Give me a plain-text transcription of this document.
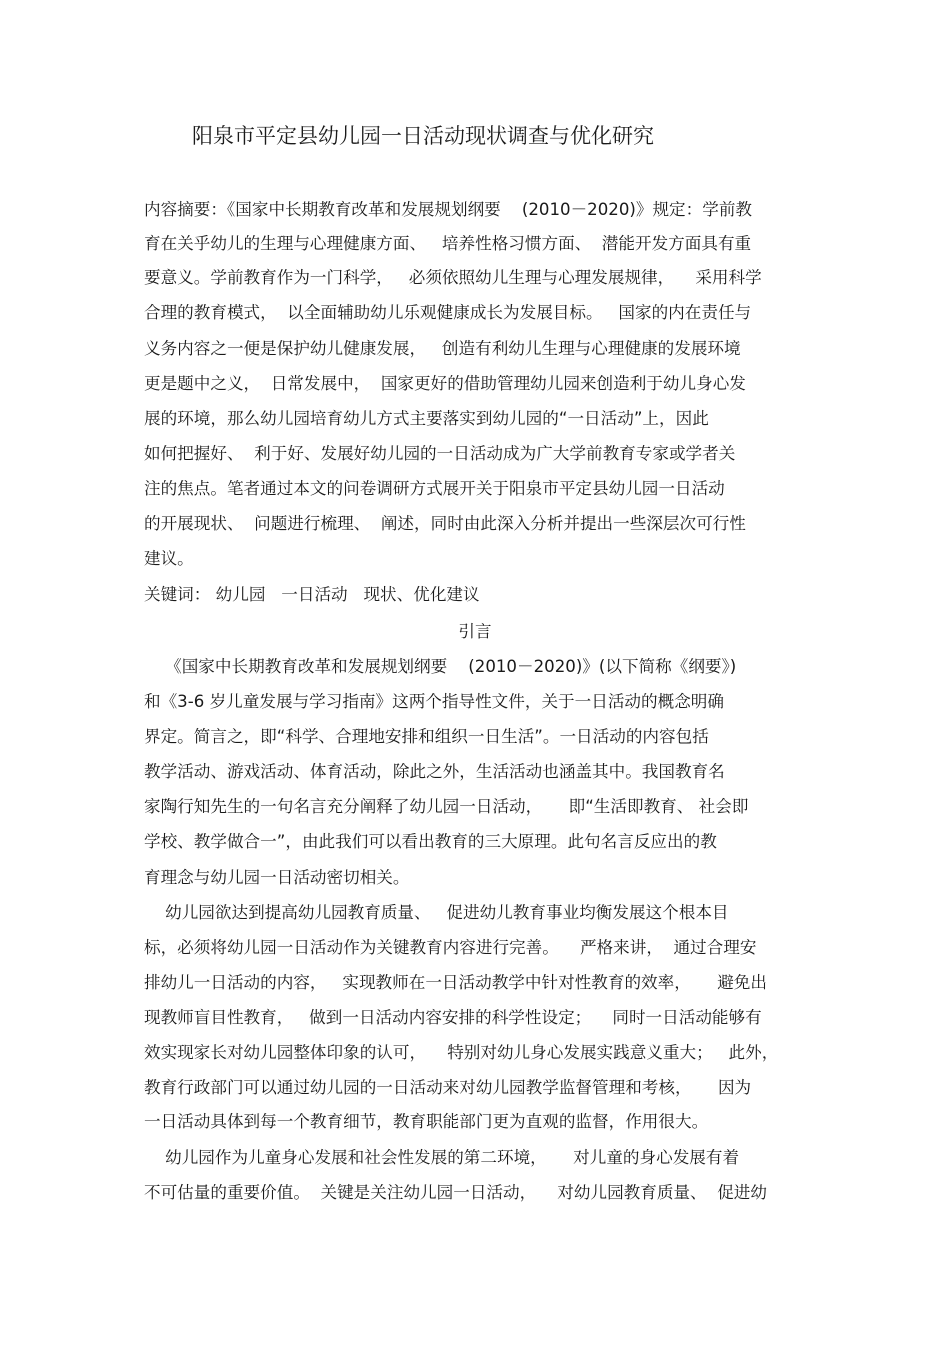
阳泉市平定县幼儿园一日活动现状调查与优化研究
内容摘要：《国家中长期教育改革和发展规划纲要    (2010－2020)》规定：学前教
育在关乎幼儿的生理与心理健康方面、   培养性格习惯方面、  潜能开发方面具有重
要意义。学前教育作为一门科学，   必须依照幼儿生理与心理发展规律，    采用科学
合理的教育模式，  以全面辅助幼儿乐观健康成长为发展目标。   国家的内在责任与
义务内容之一便是保护幼儿健康发展，   创造有利幼儿生理与心理健康的发展环境
更是题中之义，  日常发展中，  国家更好的借助管理幼儿园来创造利于幼儿身心发
展的环境，那么幼儿园培育幼儿方式主要落实到幼儿园的“一日活动”上，因此
如何把握好、  利于好、发展好幼儿园的一日活动成为广大学前教育专家或学者关
注的焦点。笔者通过本文的问卷调研方式展开关于阳泉市平定县幼儿园一日活动
的开展现状、  问题进行梳理、  阐述，同时由此深入分析并提出一些深层次可行性
建议。
关键词： 幼儿园   一日活动   现状、优化建议
引言
《国家中长期教育改革和发展规划纲要    (2010－2020)》(以下简称《纲要》)
和《3-6 岁儿童发展与学习指南》这两个指导性文件，关于一日活动的概念明确
界定。简言之，即“科学、合理地安排和组织一日生活”。一日活动的内容包括
教学活动、游戏活动、体育活动，除此之外，生活活动也涵盖其中。我国教育名
家陶行知先生的一句名言充分阐释了幼儿园一日活动，     即“生活即教育、 社会即
学校、教学做合一”，由此我们可以看出教育的三大原理。此句名言反应出的教
育理念与幼儿园一日活动密切相关。
幼儿园欲达到提高幼儿园教育质量、   促进幼儿教育事业均衡发展这个根本目
标，必须将幼儿园一日活动作为关键教育内容进行完善。    严格来讲，  通过合理安
排幼儿一日活动的内容，   实现教师在一日活动教学中针对性教育的效率，     避免出
现教师盲目性教育，   做到一日活动内容安排的科学性设定；    同时一日活动能够有
效实现家长对幼儿园整体印象的认可，    特别对幼儿身心发展实践意义重大；   此外，
教育行政部门可以通过幼儿园的一日活动来对幼儿园教学监督管理和考核，     因为
一日活动具体到每一个教育细节，教育职能部门更为直观的监督，作用很大。
幼儿园作为儿童身心发展和社会性发展的第二环境，     对儿童的身心发展有着
不可估量的重要价值。  关键是关注幼儿园一日活动，    对幼儿园教育质量、  促进幼
